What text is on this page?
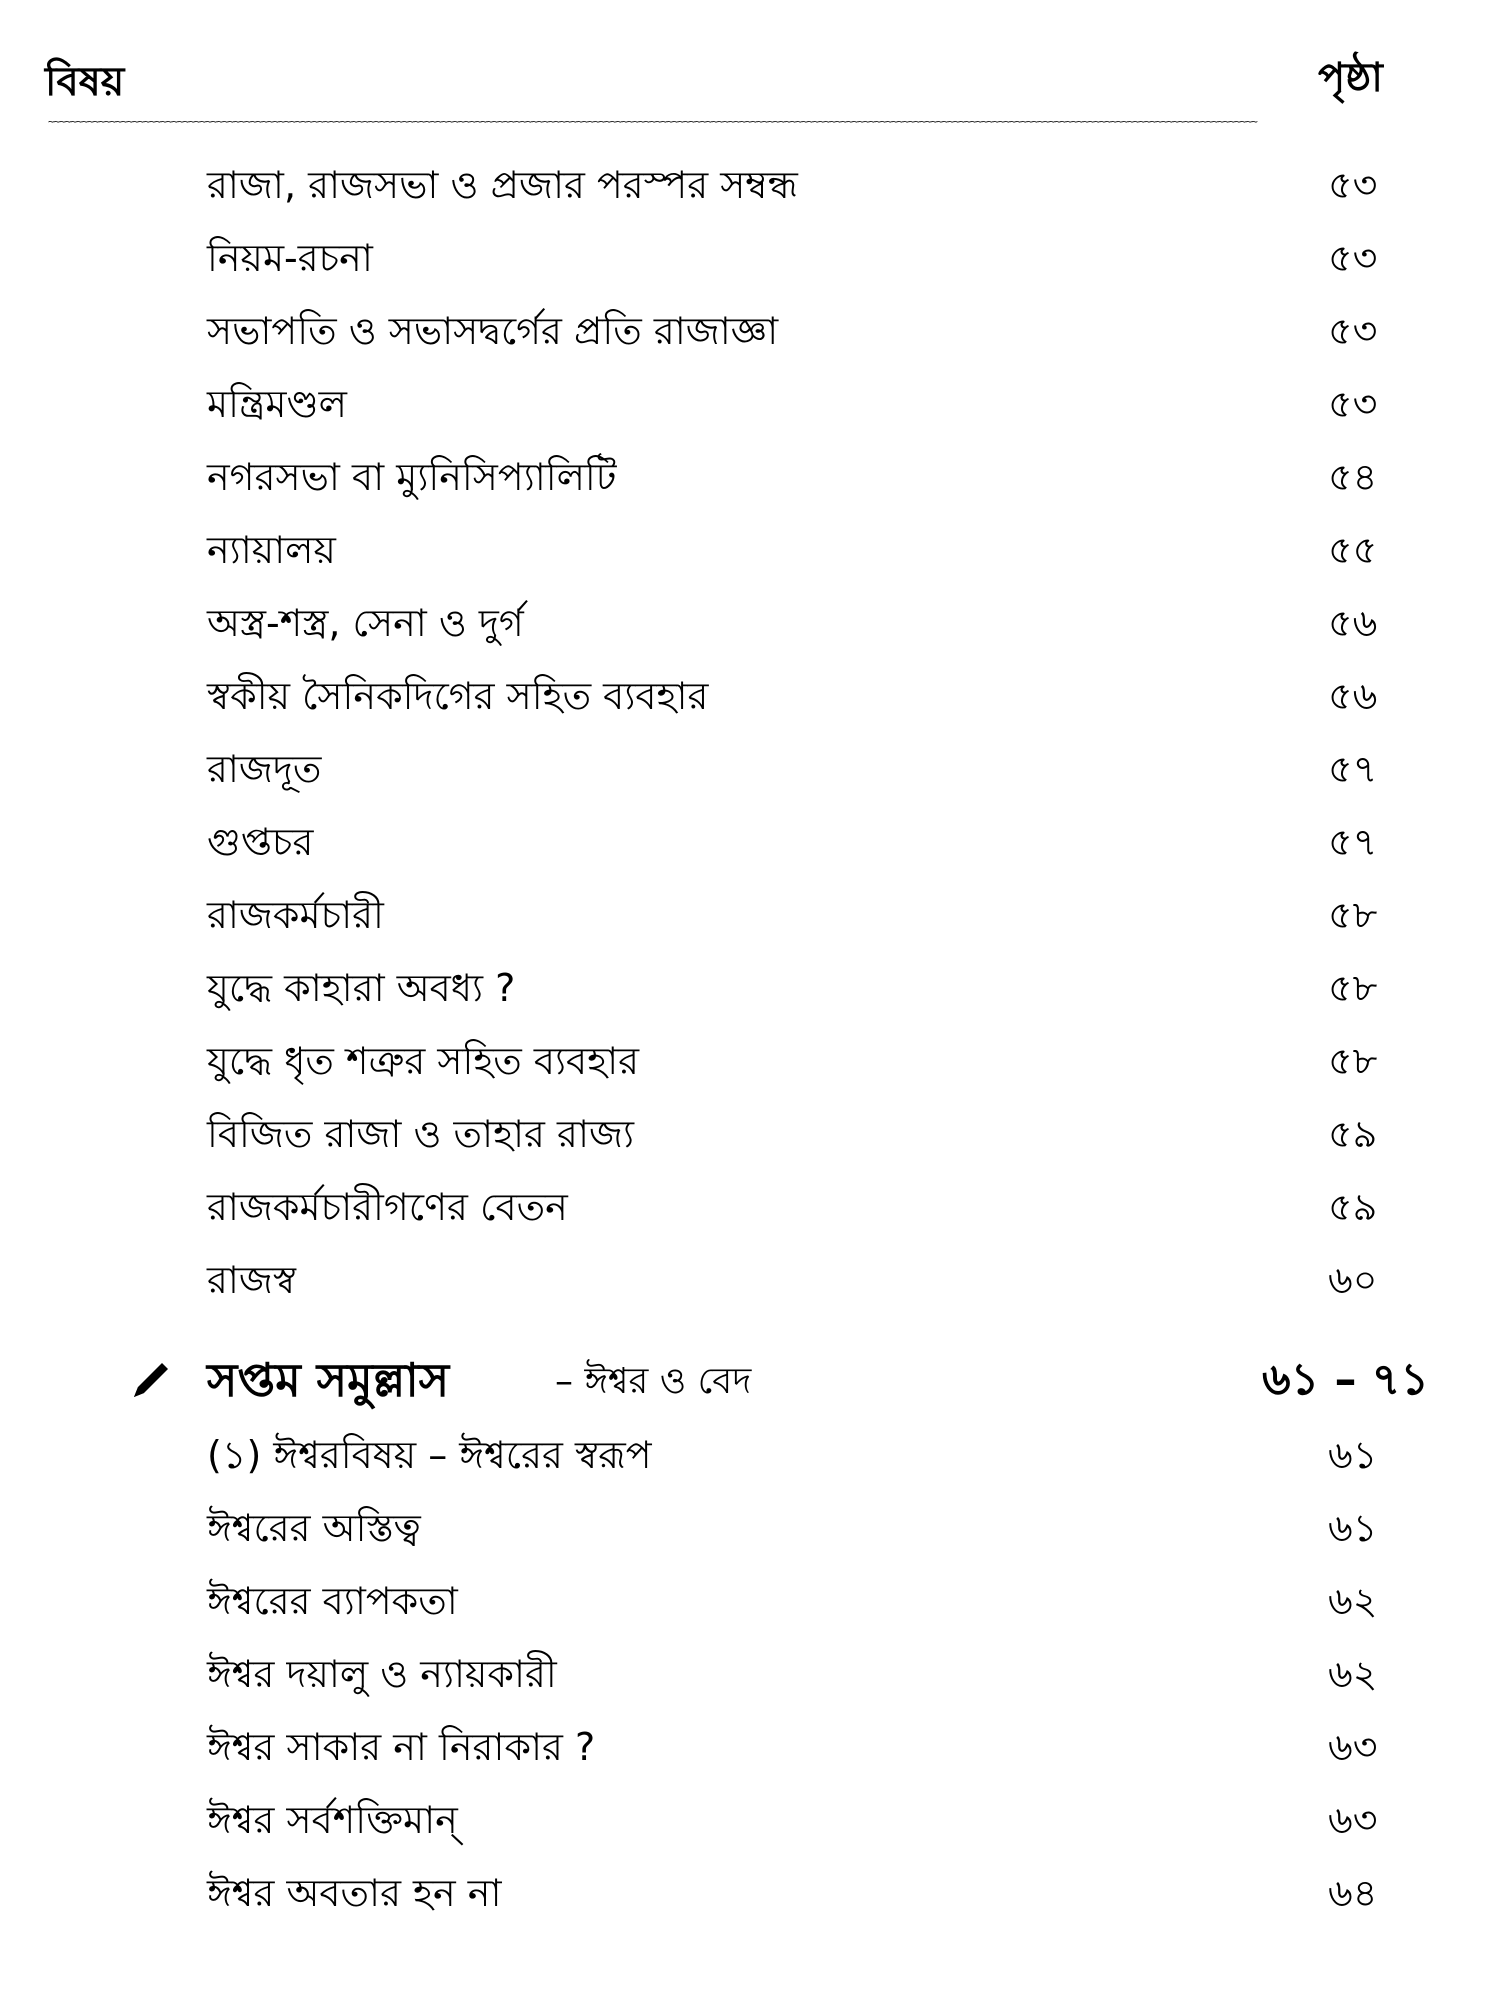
বিষয়	পৃষ্ঠা
~~~~~~~~~~~~~~~~~~~~~~~~~~~~~~~~~~~~~~~~~~~~~~~~~~~~~~~~~~~~~~~~~~~~~~~~~~~~~~~~~~~~~~~~~~~~~~~~~~~~~~~~~~~~~~~~~~~~~~~~~~~~~~~~~~~~~~~~~~~~~~~~~~~~~~~~~~~~~~~~~~~~~~~~~~~~~~~~~~~~~~~~~~~~~~~~~~~~~~~~~~~~~~~~~~~~~~~
রাজা, রাজসভা ও প্রজার পরস্পর সম্বন্ধ	৫৩
নিয়ম-রচনা	৫৩
সভাপতি ও সভাসদ্বর্গের প্রতি রাজাজ্ঞা	৫৩
মন্ত্রিমণ্ডল	৫৩
নগরসভা বা ম্যুনিসিপ্যালিটি	৫৪
ন্যায়ালয়	৫৫
অস্ত্র-শস্ত্র, সেনা ও দুর্গ	৫৬
স্বকীয় সৈনিকদিগের সহিত ব্যবহার	৫৬
রাজদূত	৫৭
গুপ্তচর	৫৭
রাজকর্মচারী	৫৮
যুদ্ধে কাহারা অবধ্য ?	৫৮
যুদ্ধে ধৃত শত্রুর সহিত ব্যবহার	৫৮
বিজিত রাজা ও তাহার রাজ্য	৫৯
রাজকর্মচারীগণের বেতন	৫৯
রাজস্ব	৬০
সপ্তম সমুল্লাস	– ঈশ্বর ও বেদ	৬১ – ৭১
(১) ঈশ্বরবিষয় – ঈশ্বরের স্বরূপ	৬১
ঈশ্বরের অস্তিত্ব	৬১
ঈশ্বরের ব্যাপকতা	৬২
ঈশ্বর দয়ালু ও ন্যায়কারী	৬২
ঈশ্বর সাকার না নিরাকার ?	৬৩
ঈশ্বর সর্বশক্তিমান্	৬৩
ঈশ্বর অবতার হন না	৬৪
